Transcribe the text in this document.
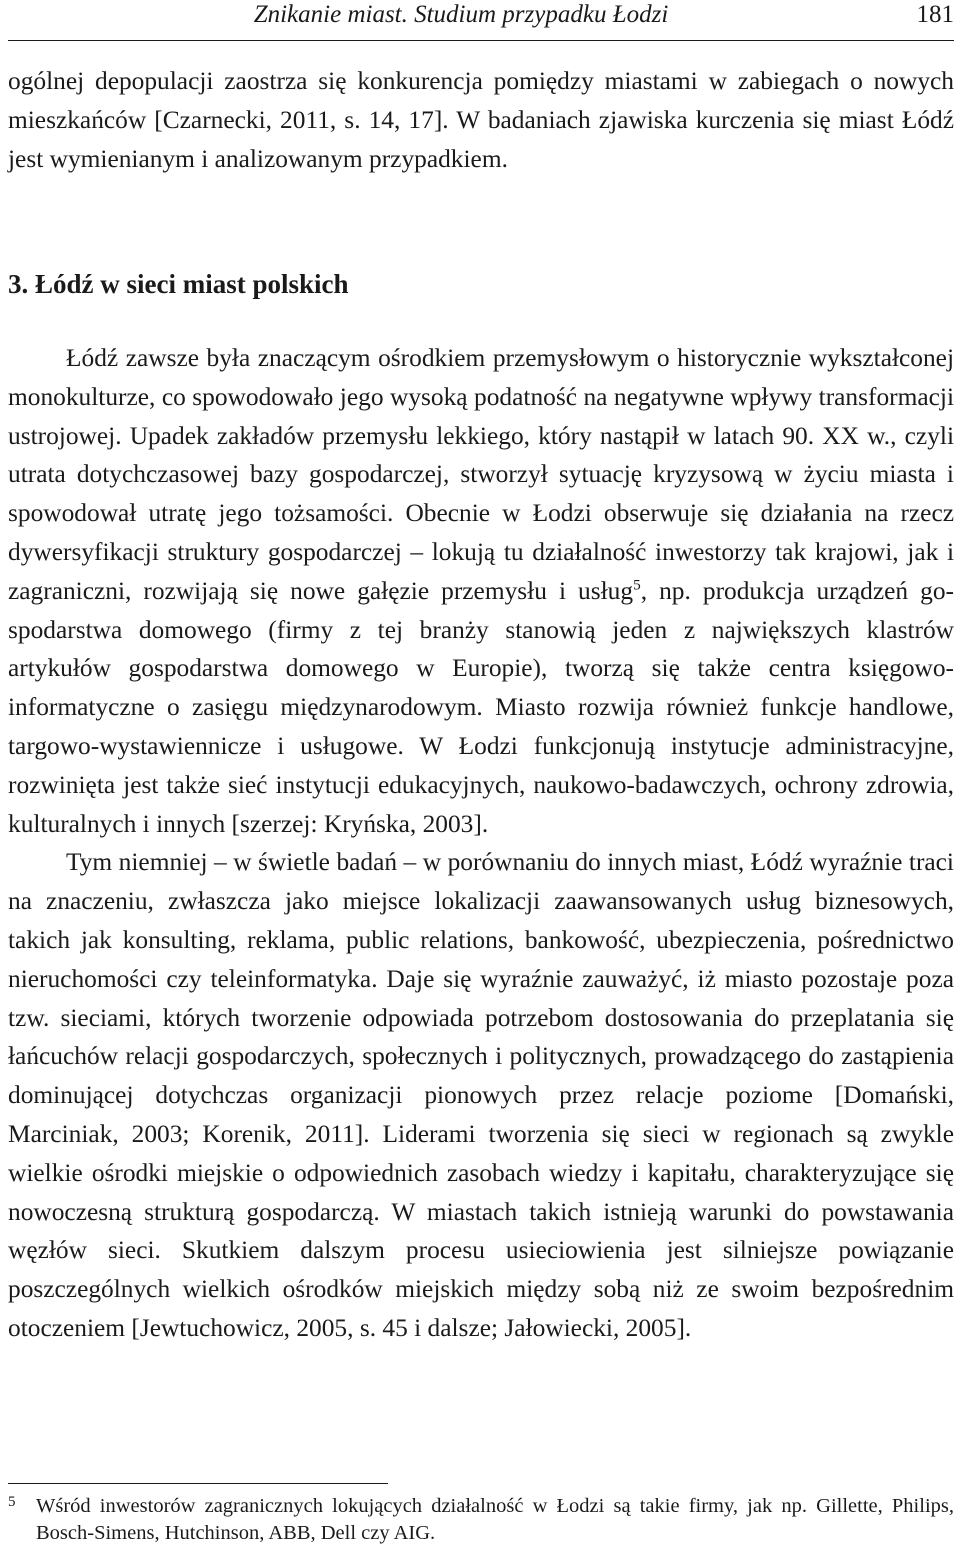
Znikanie miast. Studium przypadku Łodzi	181

ogólnej depopulacji zaostrza się konkurencja pomiędzy miastami w zabiegach o nowych mieszkańców [Czarnecki, 2011, s. 14, 17]. W badaniach zjawiska kurczenia się miast Łódź jest wymienianym i analizowanym przypadkiem.

3. Łódź w sieci miast polskich

Łódź zawsze była znaczącym ośrodkiem przemysłowym o historycznie wykształconej monokulturze, co spowodowało jego wysoką podatność na negatywne wpływy transformacji ustrojowej. Upadek zakładów przemysłu lekkiego, który nastąpił w latach 90. XX w., czyli utrata dotychczasowej bazy gospodarczej, stworzył sytuację kryzysową w życiu miasta i spowodował utratę jego tożsamości. Obecnie w Łodzi obserwuje się działania na rzecz dywersyfikacji struktury gospodarczej – lokują tu działalność inwestorzy tak krajowi, jak i zagraniczni, rozwijają się nowe gałęzie przemysłu i usług$^5$, np. produkcja urządzeń gospodarstwa domowego (firmy z tej branży stanowią jeden z największych klastrów artykułów gospodarstwa domowego w Europie), tworzą się także centra księgowo-informatyczne o zasięgu międzynarodowym. Miasto rozwija również funkcje handlowe, targowo-wystawiennicze i usługowe. W Łodzi funkcjonują instytucje administracyjne, rozwinięta jest także sieć instytucji edukacyjnych, naukowo-badawczych, ochrony zdrowia, kulturalnych i innych [szerzej: Kryńska, 2003].

Tym niemniej – w świetle badań – w porównaniu do innych miast, Łódź wyraźnie traci na znaczeniu, zwłaszcza jako miejsce lokalizacji zaawansowanych usług biznesowych, takich jak konsulting, reklama, public relations, bankowość, ubezpieczenia, pośrednictwo nieruchomości czy teleinformatyka. Daje się wyraźnie zauważyć, iż miasto pozostaje poza tzw. sieciami, których tworzenie odpowiada potrzebom dostosowania do przeplatania się łańcuchów relacji gospodarczych, społecznych i politycznych, prowadzącego do zastąpienia dominującej dotychczas organizacji pionowych przez relacje poziome [Domański, Marciniak, 2003; Korenik, 2011]. Liderami tworzenia się sieci w regionach są zwykle wielkie ośrodki miejskie o odpowiednich zasobach wiedzy i kapitału, charakteryzujące się nowoczesną strukturą gospodarczą. W miastach takich istnieją warunki do powstawania węzłów sieci. Skutkiem dalszym procesu usieciowienia jest silniejsze powiązanie poszczególnych wielkich ośrodków miejskich między sobą niż ze swoim bezpośrednim otoczeniem [Jewtuchowicz, 2005, s. 45 i dalsze; Jałowiecki, 2005].

5 Wśród inwestorów zagranicznych lokujących działalność w Łodzi są takie firmy, jak np. Gillette, Philips, Bosch-Simens, Hutchinson, ABB, Dell czy AIG.
